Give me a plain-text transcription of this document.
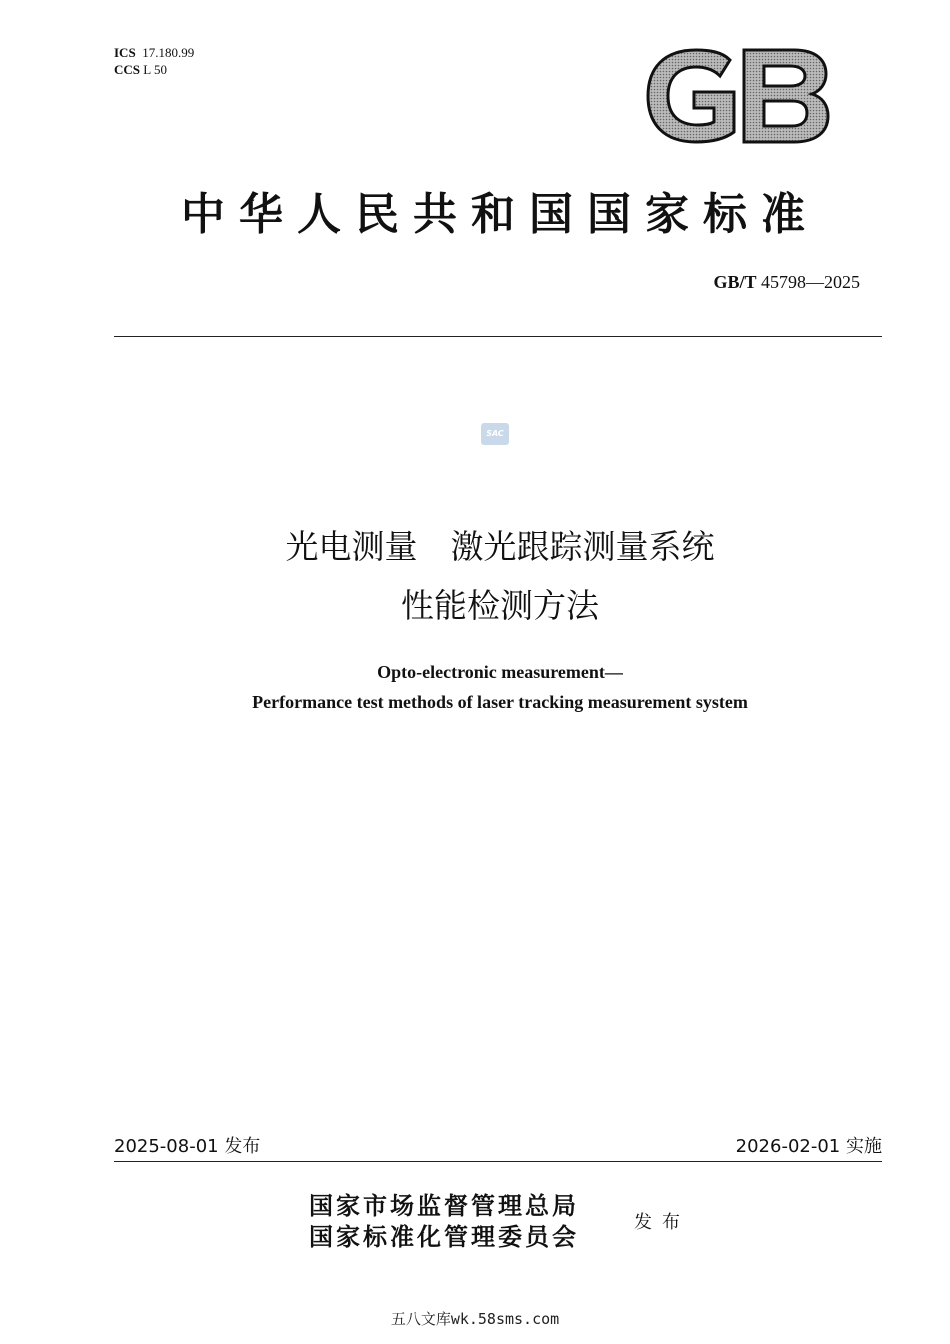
ICS 17.180.99
CCS L 50
GB
中华人民共和国国家标准
GB/T 45798—2025
SAC
光电测量　激光跟踪测量系统
性能检测方法
Opto-electronic measurement—
Performance test methods of laser tracking measurement system
2025-08-01 发布	2026-02-01 实施
国家市场监督管理总局
国家标准化管理委员会	发布
五八文库wk.58sms.com
